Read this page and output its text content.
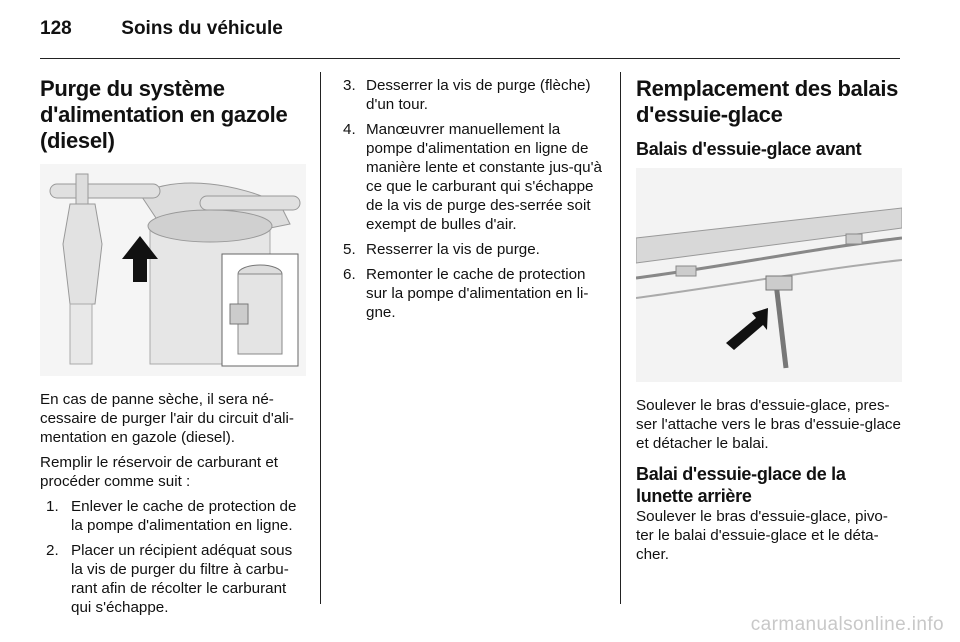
128	Soins du véhicule
Purge du système d'alimentation en gazole (diesel)

En cas de panne sèche, il sera né-cessaire de purger l'air du circuit d'ali-mentation en gazole (diesel).

Remplir le réservoir de carburant et procéder comme suit :

1. Enlever le cache de protection de la pompe d'alimentation en ligne.
2. Placer un récipient adéquat sous la vis de purger du filtre à carbu-rant afin de récolter le carburant qui s'échappe.
3. Desserrer la vis de purge (flèche) d'un tour.
4. Manœuvrer manuellement la pompe d'alimentation en ligne de manière lente et constante jus-qu'à ce que le carburant qui s'échappe de la vis de purge des-serrée soit exempt de bulles d'air.
5. Resserrer la vis de purge.
6. Remonter le cache de protection sur la pompe d'alimentation en li-gne.
Remplacement des balais d'essuie-glace
Balais d'essuie-glace avant

Soulever le bras d'essuie-glace, pres-ser l'attache vers le bras d'essuie-glace et détacher le balai.

Balai d'essuie-glace de la lunette arrière

Soulever le bras d'essuie-glace, pivo-ter le balai d'essuie-glace et le déta-cher.

carmanualsonline.info
